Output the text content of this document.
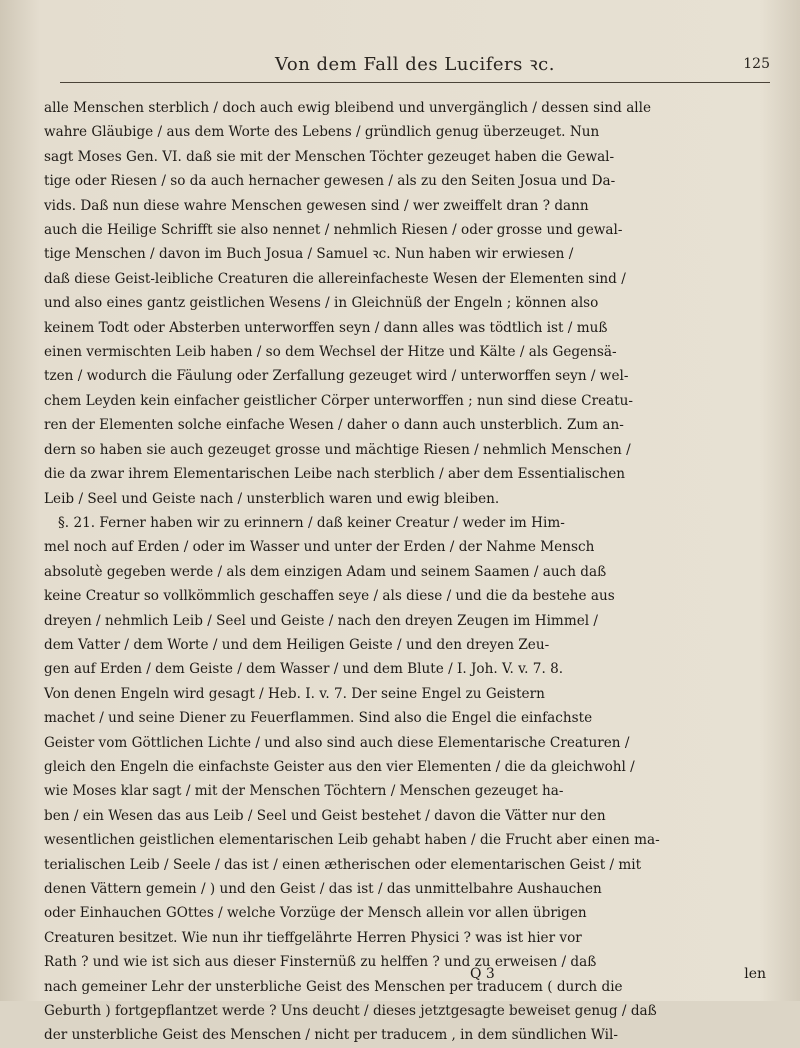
Von dem Fall des Lucifers ꝛc.	125
alle Menschen sterblich / doch auch ewig bleibend und unvergänglich / dessen sind alle
wahre Gläubige / aus dem Worte des Lebens / gründlich genug überzeuget. Nun
sagt Moses Gen. VI. daß sie mit der Menschen Töchter gezeuget haben die Gewal-
tige oder Riesen / so da auch hernacher gewesen / als zu den Seiten Josua und Da-
vids. Daß nun diese wahre Menschen gewesen sind / wer zweiffelt dran ? dann
auch die Heilige Schrifft sie also nennet / nehmlich Riesen / oder grosse und gewal-
tige Menschen / davon im Buch Josua / Samuel ꝛc. Nun haben wir erwiesen /
daß diese Geist-leibliche Creaturen die allereinfacheste Wesen der Elementen sind /
und also eines gantz geistlichen Wesens / in Gleichnüß der Engeln ; können also
keinem Todt oder Absterben unterworffen seyn / dann alles was tödtlich ist / muß
einen vermischten Leib haben / so dem Wechsel der Hitze und Kälte / als Gegensä-
tzen / wodurch die Fäulung oder Zerfallung gezeuget wird / unterworffen seyn / wel-
chem Leyden kein einfacher geistlicher Cörper unterworffen ; nun sind diese Creatu-
ren der Elementen solche einfache Wesen / daher o dann auch unsterblich. Zum an-
dern so haben sie auch gezeuget grosse und mächtige Riesen / nehmlich Menschen /
die da zwar ihrem Elementarischen Leibe nach sterblich / aber dem Essentialischen
Leib / Seel und Geiste nach / unsterblich waren und ewig bleiben.
§. 21. Ferner haben wir zu erinnern / daß keiner Creatur / weder im Him-
mel noch auf Erden / oder im Wasser und unter der Erden / der Nahme Mensch
absolutè gegeben werde / als dem einzigen Adam und seinem Saamen / auch daß
keine Creatur so vollkömmlich geschaffen seye / als diese / und die da bestehe aus
dreyen / nehmlich Leib / Seel und Geiste / nach den dreyen Zeugen im Himmel /
dem Vatter / dem Worte / und dem Heiligen Geiste / und den dreyen Zeu-
gen auf Erden / dem Geiste / dem Wasser / und dem Blute / I. Joh. V. v. 7. 8.
Von denen Engeln wird gesagt / Heb. I. v. 7. Der seine Engel zu Geistern
machet / und seine Diener zu Feuerflammen. Sind also die Engel die einfachste
Geister vom Göttlichen Lichte / und also sind auch diese Elementarische Creaturen /
gleich den Engeln die einfachste Geister aus den vier Elementen / die da gleichwohl /
wie Moses klar sagt / mit der Menschen Töchtern / Menschen gezeuget ha-
ben / ein Wesen das aus Leib / Seel und Geist bestehet / davon die Vätter nur den
wesentlichen geistlichen elementarischen Leib gehabt haben / die Frucht aber einen ma-
terialischen Leib / Seele / das ist / einen ætherischen oder elementarischen Geist / mit
denen Vättern gemein / ) und den Geist / das ist / das unmittelbahre Aushauchen
oder Einhauchen GOttes / welche Vorzüge der Mensch allein vor allen übrigen
Creaturen besitzet. Wie nun ihr tieffgelährte Herren Physici ? was ist hier vor
Rath ? und wie ist sich aus dieser Finsternüß zu helffen ? und zu erweisen / daß
nach gemeiner Lehr der unsterbliche Geist des Menschen per traducem ( durch die
Geburth ) fortgepflantzet werde ? Uns deucht / dieses jetztgesagte beweiset genug / daß
der unsterbliche Geist des Menschen / nicht per traducem , in dem sündlichen Wil-
Q 3	len
